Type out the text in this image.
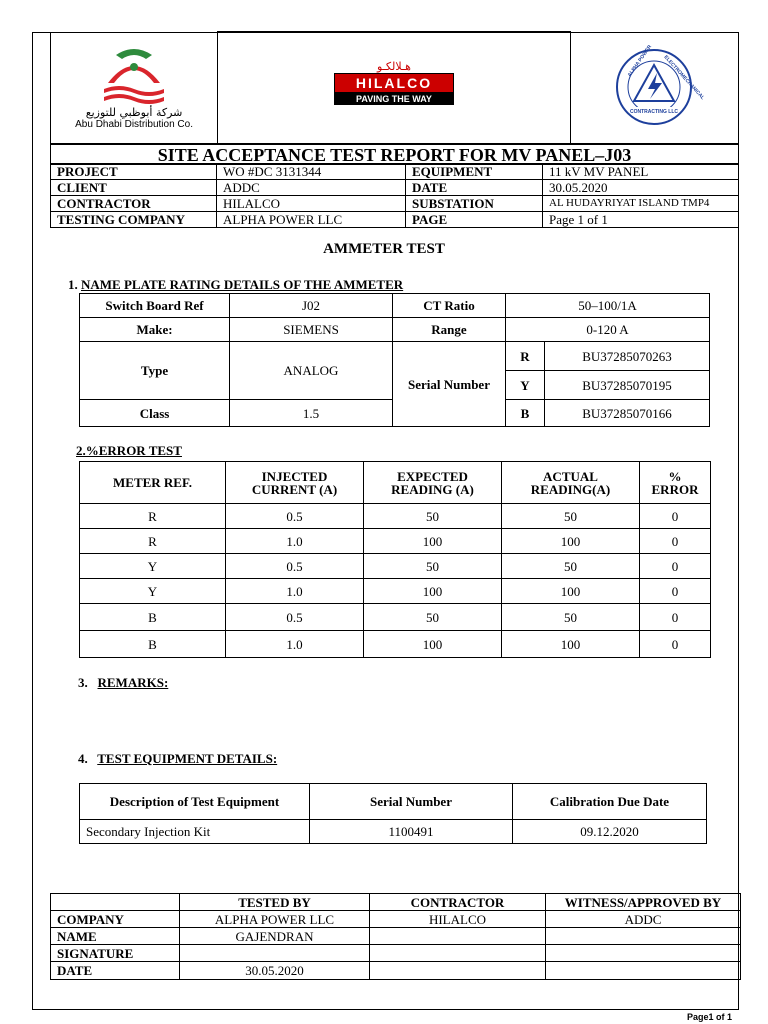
شركة أبوظبي للتوزيع
Abu Dhabi Distribution Co.

هـلالكـو
HILALCO
PAVING THE WAY FORWARD	CONTRACTING LLC
ALPHA POWER ELECTROMECHANICAL
SITE ACCEPTANCE TEST REPORT FOR MV PANEL–J03
PROJECT	WO #DC 3131344	EQUIPMENT	11 kV MV PANEL
CLIENT	ADDC	DATE	30.05.2020
CONTRACTOR	HILALCO	SUBSTATION	AL HUDAYRIYAT ISLAND TMP4
TESTING COMPANY	ALPHA POWER LLC	PAGE	Page 1 of 1
AMMETER TEST
1. NAME PLATE RATING DETAILS OF THE AMMETER
Switch Board Ref	J02	CT Ratio	50–100/1A	
Make:	SIEMENS	Range	0-120 A	
Type	ANALOG	Serial Number	R	BU37285070263
			Y	BU37285070195
Class	1.5		B	BU37285070166
2.%ERROR TEST
METER REF.	INJECTED CURRENT (A)	EXPECTED READING (A)	ACTUAL READING(A)	% ERROR
R	0.5	50	50	0
R	1.0	100	100	0
Y	0.5	50	50	0
Y	1.0	100	100	0
B	0.5	50	50	0
B	1.0	100	100	0
3. REMARKS:
4. TEST EQUIPMENT DETAILS:
Description of Test Equipment	Serial Number	Calibration Due Date
Secondary Injection Kit	1100491	09.12.2020
	TESTED BY	CONTRACTOR	WITNESS/APPROVED BY
COMPANY	ALPHA POWER LLC	HILALCO	ADDC
NAME	GAJENDRAN		
SIGNATURE			
DATE	30.05.2020		
Page1 of 1
